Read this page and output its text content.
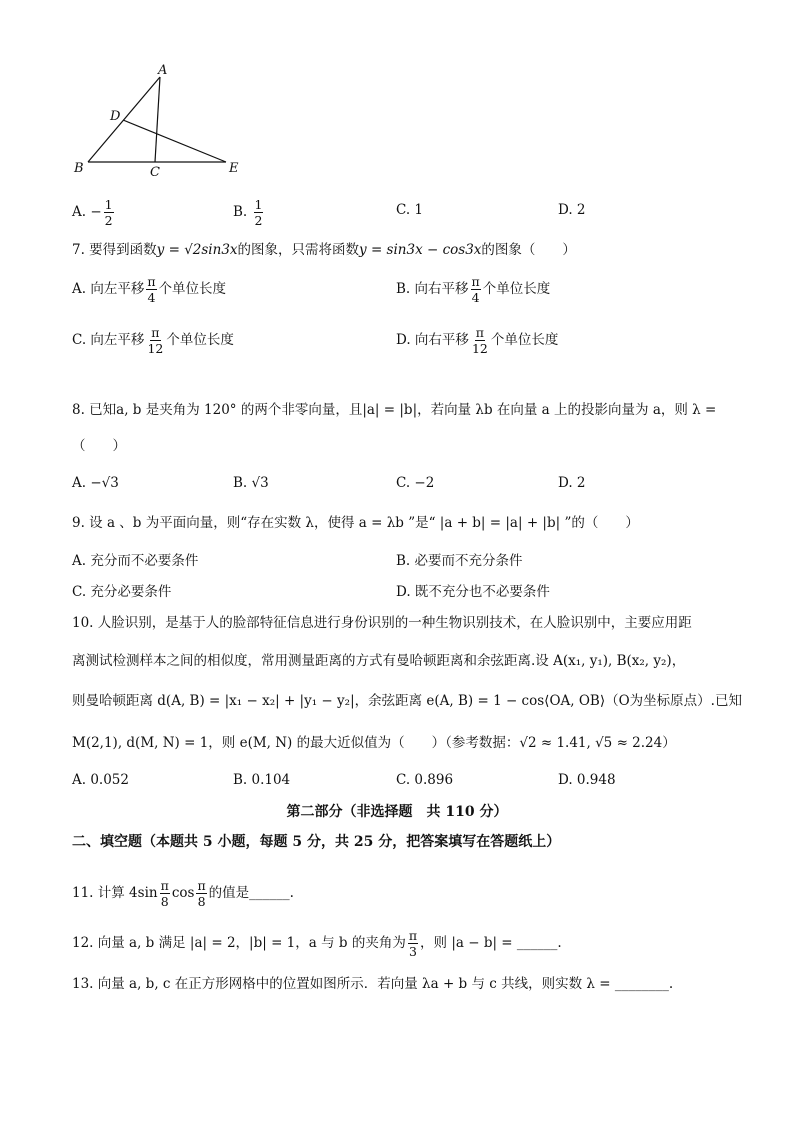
A
D
B	C	E
A. − $\frac{1}{2}$	B. $\frac{1}{2}$	C. 1	D. 2
7. 要得到函数y = √2sin3x的图象，只需将函数y = sin3x − cos3x的图象（　　）
A. 向左平移 $\frac{\pi}{4}$ 个单位长度	B. 向右平移 $\frac{\pi}{4}$ 个单位长度
C. 向左平移 $\frac{\pi}{12}$ 个单位长度	D. 向右平移 $\frac{\pi}{12}$ 个单位长度
8. 已知a, b 是夹角为 120° 的两个非零向量，且|a| = |b|，若向量 λb 在向量 a 上的投影向量为 a，则 λ =
（　　）
A. −√3	B. √3	C. −2	D. 2
9. 设 a 、b 为平面向量，则“存在实数 λ，使得 a = λb ”是“ |a + b| = |a| + |b| ”的（　　）
A. 充分而不必要条件	B. 必要而不充分条件
C. 充分必要条件	D. 既不充分也不必要条件
10. 人脸识别，是基于人的脸部特征信息进行身份识别的一种生物识别技术，在人脸识别中，主要应用距
离测试检测样本之间的相似度，常用测量距离的方式有曼哈顿距离和余弦距离.设 A(x₁, y₁), B(x₂, y₂)，
则曼哈顿距离 d(A, B) = |x₁ − x₂| + |y₁ − y₂|，余弦距离 e(A, B) = 1 − cos⟨OA, OB⟩（O为坐标原点）.已知
M(2,1), d(M, N) = 1，则 e(M, N) 的最大近似值为（　　）（参考数据：√2 ≈ 1.41, √5 ≈ 2.24）
A. 0.052	B. 0.104	C. 0.896	D. 0.948
第二部分（非选择题　共 110 分）
二、填空题（本题共 5 小题，每题 5 分，共 25 分，把答案填写在答题纸上）
11. 计算 $4\sin \frac{\pi}{8}$ $\cos \frac{\pi}{8}$ 的值是______.
12. 向量 a, b 满足 |a| = 2，|b| = 1，a 与 b 的夹角为 $\frac{\pi}{3}$ ，则 |a − b| = ______.
13. 向量 a, b, c 在正方形网格中的位置如图所示．若向量 λa + b 与 c 共线，则实数 λ = ________.
